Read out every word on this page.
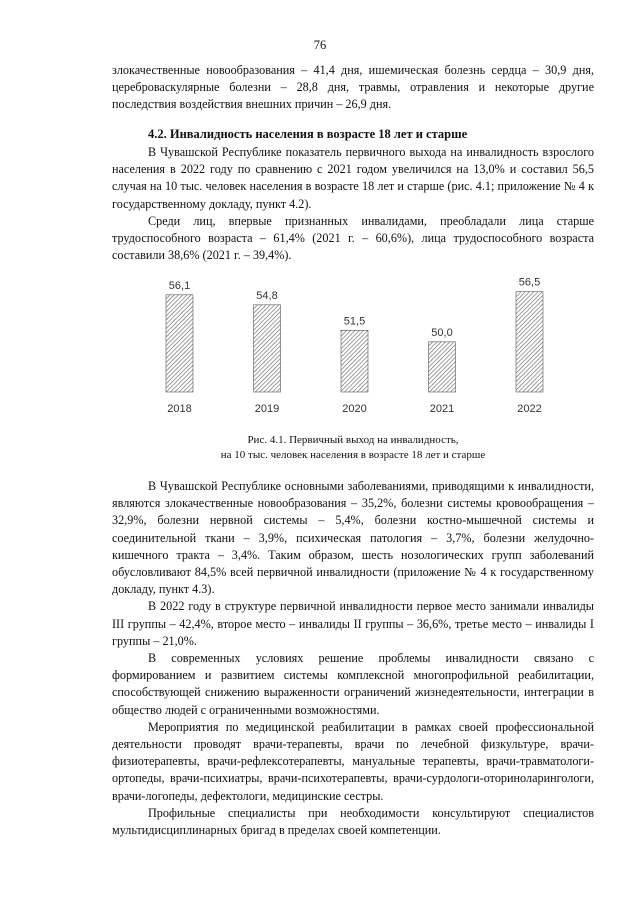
76

злокачественные новообразования – 41,4 дня, ишемическая болезнь сердца – 30,9 дня, цереброваскулярные болезни – 28,8 дня, травмы, отравления и некоторые другие последствия воздействия внешних причин – 26,9 дня.

4.2. Инвалидность населения в возрасте 18 лет и старше

В Чувашской Республике показатель первичного выхода на инвалидность взрослого населения в 2022 году по сравнению с 2021 годом увеличился на 13,0% и составил 56,5 случая на 10 тыс. человек населения в возрасте 18 лет и старше (рис. 4.1; приложение № 4 к государственному докладу, пункт 4.2).

Среди лиц, впервые признанных инвалидами, преобладали лица старше трудоспособного возраста – 61,4% (2021 г. – 60,6%), лица трудоспособного возраста составили 38,6% (2021 г. – 39,4%).

56,1
54,8
51,5
50,0
56,5
2018	2019	2020	2021	2022
Рис. 4.1. Первичный выход на инвалидность,
на 10 тыс. человек населения в возрасте 18 лет и старше

В Чувашской Республике основными заболеваниями, приводящими к инвалидности, являются злокачественные новообразования – 35,2%, болезни системы кровообращения – 32,9%, болезни нервной системы – 5,4%, болезни костно-мышечной системы и соединительной ткани – 3,9%, психическая патология – 3,7%, болезни желудочно-кишечного тракта – 3,4%. Таким образом, шесть нозологических групп заболеваний обусловливают 84,5% всей первичной инвалидности (приложение № 4 к государственному докладу, пункт 4.3).

В 2022 году в структуре первичной инвалидности первое место занимали инвалиды III группы – 42,4%, второе место – инвалиды II группы – 36,6%, третье место – инвалиды I группы – 21,0%.

В современных условиях решение проблемы инвалидности связано с формированием и развитием системы комплексной многопрофильной реабилитации, способствующей снижению выраженности ограничений жизнедеятельности, интеграции в общество людей с ограниченными возможностями.

Мероприятия по медицинской реабилитации в рамках своей профессиональной деятельности проводят врачи-терапевты, врачи по лечебной физкультуре, врачи-физиотерапевты, врачи-рефлексотерапевты, мануальные терапевты, врачи-травматологи-ортопеды, врачи-психиатры, врачи-психотерапевты, врачи-сурдологи-оториноларингологи, врачи-логопеды, дефектологи, медицинские сестры.

Профильные специалисты при необходимости консультируют специалистов мультидисциплинарных бригад в пределах своей компетенции.
